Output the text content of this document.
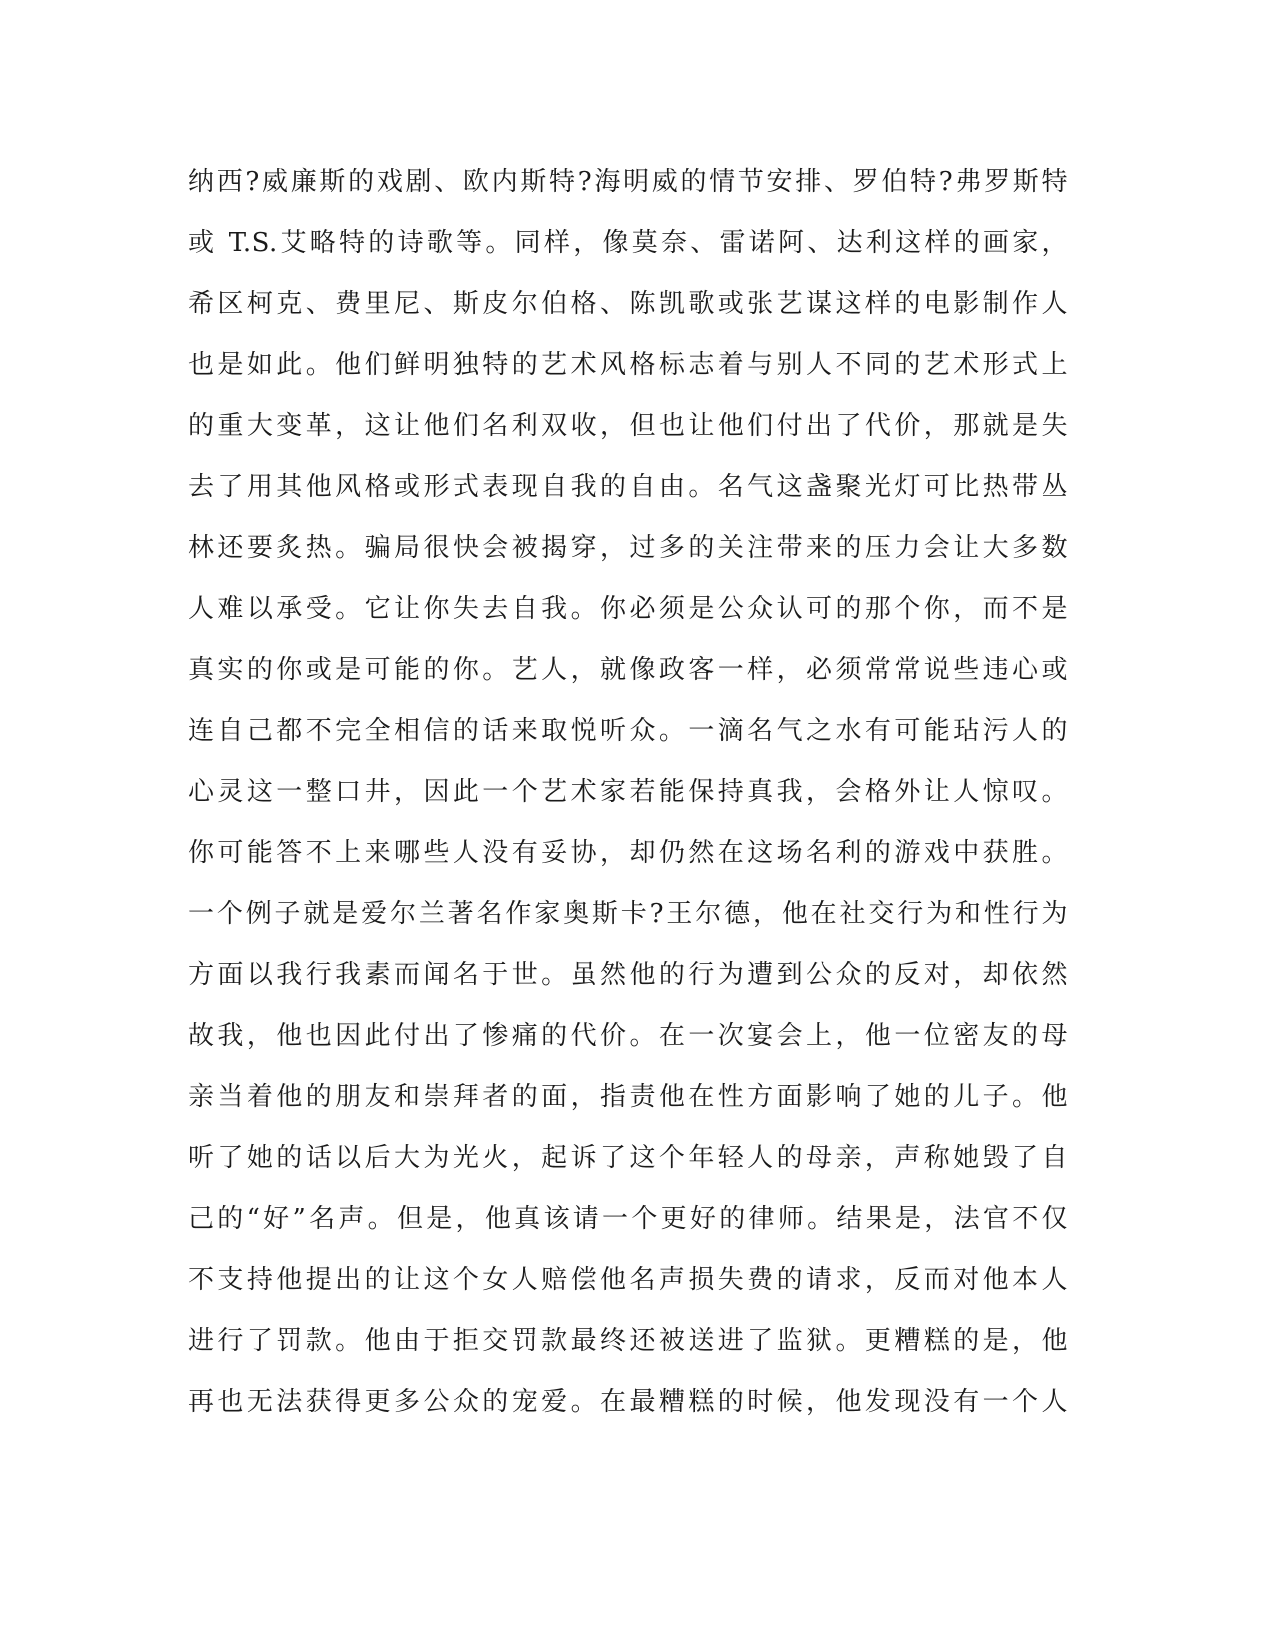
纳西?威廉斯的戏剧、欧内斯特?海明威的情节安排、罗伯特?弗罗斯特
或 T.S.艾略特的诗歌等。同样，像莫奈、雷诺阿、达利这样的画家，
希区柯克、费里尼、斯皮尔伯格、陈凯歌或张艺谋这样的电影制作人
也是如此。他们鲜明独特的艺术风格标志着与别人不同的艺术形式上
的重大变革，这让他们名利双收，但也让他们付出了代价，那就是失
去了用其他风格或形式表现自我的自由。名气这盏聚光灯可比热带丛
林还要炙热。骗局很快会被揭穿，过多的关注带来的压力会让大多数
人难以承受。它让你失去自我。你必须是公众认可的那个你，而不是
真实的你或是可能的你。艺人，就像政客一样，必须常常说些违心或
连自己都不完全相信的话来取悦听众。一滴名气之水有可能玷污人的
心灵这一整口井，因此一个艺术家若能保持真我，会格外让人惊叹。
你可能答不上来哪些人没有妥协，却仍然在这场名利的游戏中获胜。
一个例子就是爱尔兰著名作家奥斯卡?王尔德，他在社交行为和性行为
方面以我行我素而闻名于世。虽然他的行为遭到公众的反对，却依然
故我，他也因此付出了惨痛的代价。在一次宴会上，他一位密友的母
亲当着他的朋友和崇拜者的面，指责他在性方面影响了她的儿子。他
听了她的话以后大为光火，起诉了这个年轻人的母亲，声称她毁了自
己的“好”名声。但是，他真该请一个更好的律师。结果是，法官不仅
不支持他提出的让这个女人赔偿他名声损失费的请求，反而对他本人
进行了罚款。他由于拒交罚款最终还被送进了监狱。更糟糕的是，他
再也无法获得更多公众的宠爱。在最糟糕的时候，他发现没有一个人
